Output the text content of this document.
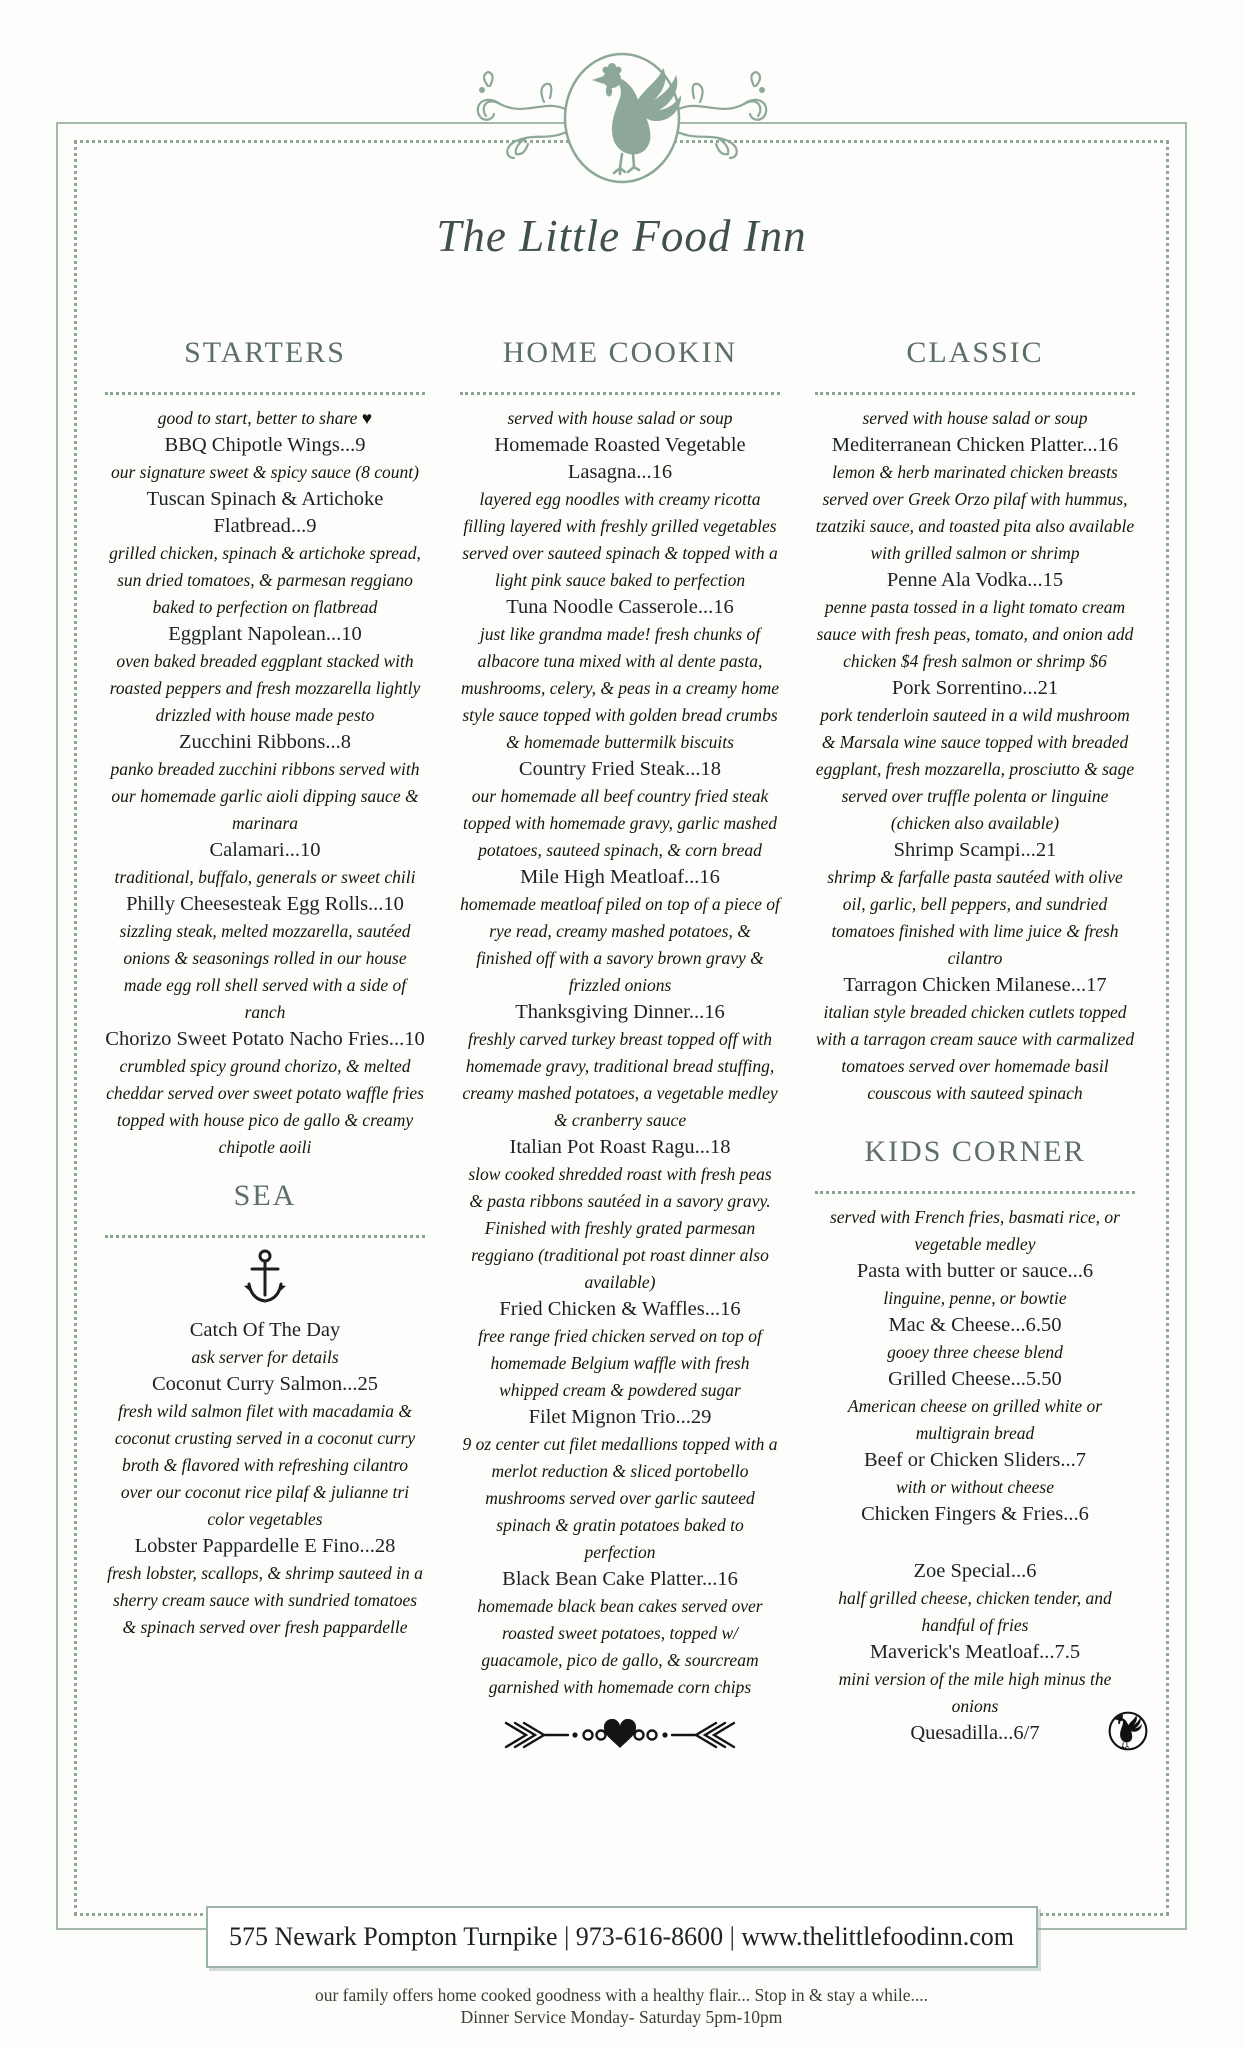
The Little Food Inn
STARTERS

good to start, better to share ♥

BBQ Chipotle Wings...9
our signature sweet & spicy sauce (8 count)
Tuscan Spinach & Artichoke Flatbread...9
grilled chicken, spinach & artichoke spread, sun dried tomatoes, & parmesan reggiano baked to perfection on flatbread
Eggplant Napolean...10
oven baked breaded eggplant stacked with roasted peppers and fresh mozzarella lightly drizzled with house made pesto
Zucchini Ribbons...8
panko breaded zucchini ribbons served with our homemade garlic aioli dipping sauce & marinara
Calamari...10
traditional, buffalo, generals or sweet chili
Philly Cheesesteak Egg Rolls...10
sizzling steak, melted mozzarella, sautéed onions & seasonings rolled in our house made egg roll shell served with a side of ranch
Chorizo Sweet Potato Nacho Fries...10
crumbled spicy ground chorizo, & melted cheddar served over sweet potato waffle fries topped with house pico de gallo & creamy chipotle aoili
SEA
Catch Of The Day
ask server for details
Coconut Curry Salmon...25
fresh wild salmon filet with macadamia & coconut crusting served in a coconut curry broth & flavored with refreshing cilantro over our coconut rice pilaf & julianne tri color vegetables
Lobster Pappardelle E Fino...28
fresh lobster, scallops, & shrimp sauteed in a sherry cream sauce with sundried tomatoes & spinach served over fresh pappardelle
HOME COOKIN

served with house salad or soup

Homemade Roasted Vegetable Lasagna...16
layered egg noodles with creamy ricotta filling layered with freshly grilled vegetables served over sauteed spinach & topped with a light pink sauce baked to perfection
Tuna Noodle Casserole...16
just like grandma made! fresh chunks of albacore tuna mixed with al dente pasta, mushrooms, celery, & peas in a creamy home style sauce topped with golden bread crumbs & homemade buttermilk biscuits
Country Fried Steak...18
our homemade all beef country fried steak topped with homemade gravy, garlic mashed potatoes, sauteed spinach, & corn bread
Mile High Meatloaf...16
homemade meatloaf piled on top of a piece of rye read, creamy mashed potatoes, & finished off with a savory brown gravy & frizzled onions
Thanksgiving Dinner...16
freshly carved turkey breast topped off with homemade gravy, traditional bread stuffing, creamy mashed potatoes, a vegetable medley & cranberry sauce
Italian Pot Roast Ragu...18
slow cooked shredded roast with fresh peas & pasta ribbons sautéed in a savory gravy. Finished with freshly grated parmesan reggiano (traditional pot roast dinner also available)
Fried Chicken & Waffles...16
free range fried chicken served on top of homemade Belgium waffle with fresh whipped cream & powdered sugar
Filet Mignon Trio...29
9 oz center cut filet medallions topped with a merlot reduction & sliced portobello mushrooms served over garlic sauteed spinach & gratin potatoes baked to perfection
Black Bean Cake Platter...16
homemade black bean cakes served over roasted sweet potatoes, topped w/ guacamole, pico de gallo, & sourcream garnished with homemade corn chips
CLASSIC

served with house salad or soup

Mediterranean Chicken Platter...16
lemon & herb marinated chicken breasts served over Greek Orzo pilaf with hummus, tzatziki sauce, and toasted pita also available with grilled salmon or shrimp
Penne Ala Vodka...15
penne pasta tossed in a light tomato cream sauce with fresh peas, tomato, and onion add chicken $4 fresh salmon or shrimp $6
Pork Sorrentino...21
pork tenderloin sauteed in a wild mushroom & Marsala wine sauce topped with breaded eggplant, fresh mozzarella, prosciutto & sage served over truffle polenta or linguine (chicken also available)
Shrimp Scampi...21
shrimp & farfalle pasta sautéed with olive oil, garlic, bell peppers, and sundried tomatoes finished with lime juice & fresh cilantro
Tarragon Chicken Milanese...17
italian style breaded chicken cutlets topped with a tarragon cream sauce with carmalized tomatoes served over homemade basil couscous with sauteed spinach
KIDS CORNER

served with French fries, basmati rice, or vegetable medley

Pasta with butter or sauce...6
linguine, penne, or bowtie
Mac & Cheese...6.50
gooey three cheese blend
Grilled Cheese...5.50
American cheese on grilled white or multigrain bread
Beef or Chicken Sliders...7
with or without cheese
Chicken Fingers & Fries...6
Zoe Special...6
half grilled cheese, chicken tender, and handful of fries
Maverick's Meatloaf...7.5
mini version of the mile high minus the onions
Quesadilla...6/7
575 Newark Pompton Turnpike | 973-616-8600 | www.thelittlefoodinn.com

our family offers home cooked goodness with a healthy flair... Stop in & stay a while....

Dinner Service Monday- Saturday 5pm-10pm
